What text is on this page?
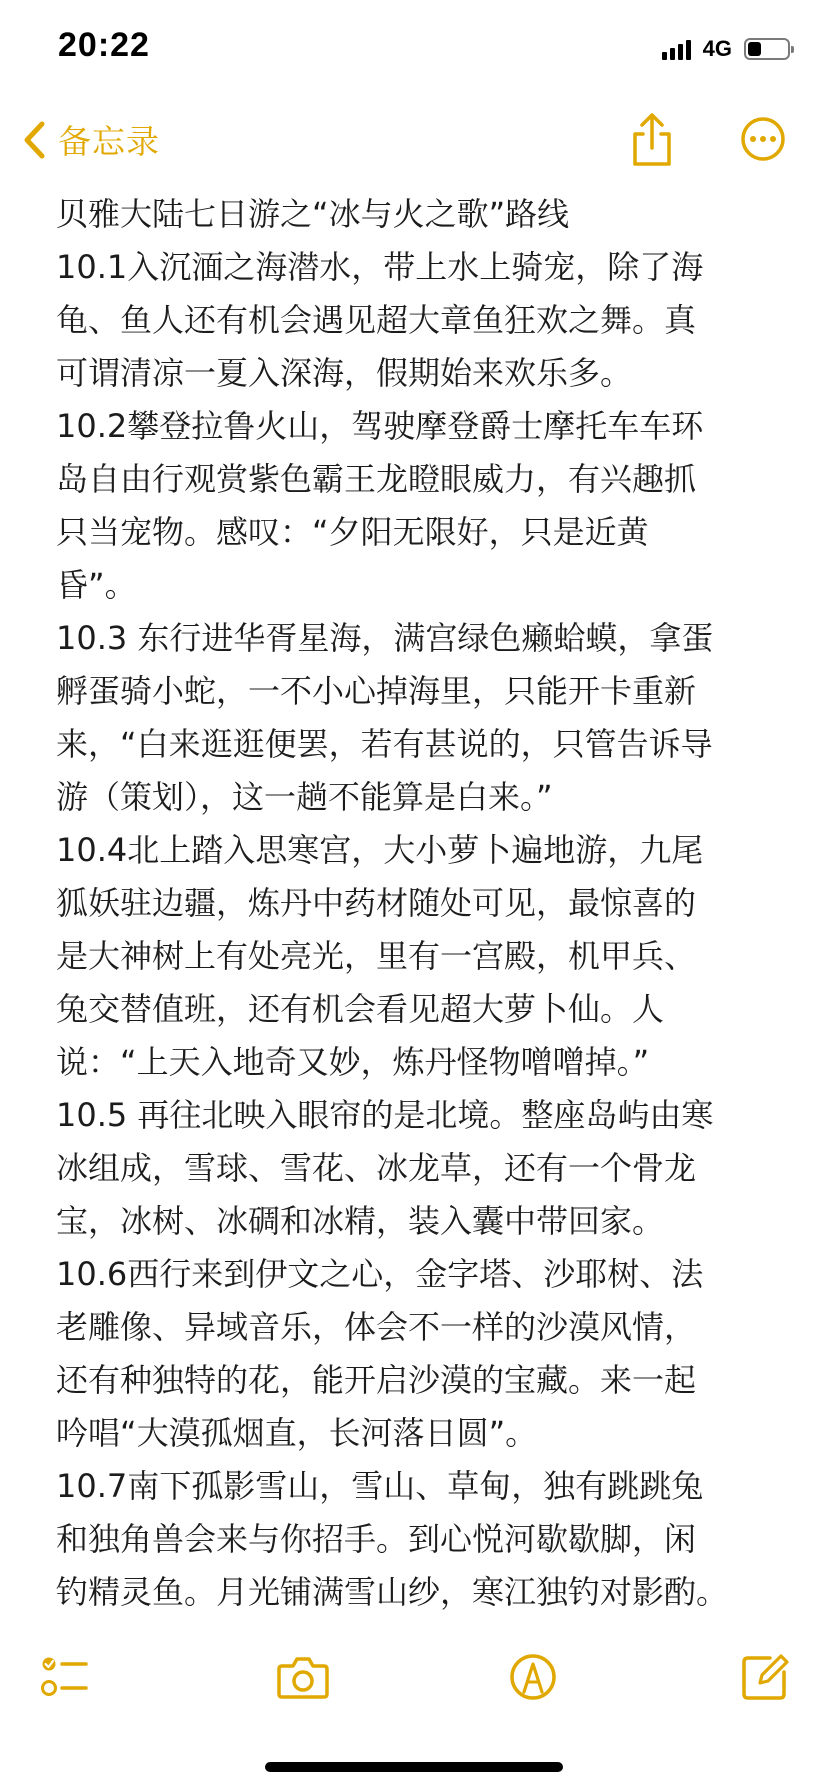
20:22	4G
备忘录
贝雅大陆七日游之“冰与火之歌”路线
10.1入沉湎之海潜水，带上水上骑宠，除了海
龟、鱼人还有机会遇见超大章鱼狂欢之舞。真
可谓清凉一夏入深海，假期始来欢乐多。
10.2攀登拉鲁火山，驾驶摩登爵士摩托车车环
岛自由行观赏紫色霸王龙瞪眼威力，有兴趣抓
只当宠物。感叹：“夕阳无限好，只是近黄
昏”。
10.3 东行进华胥星海，满宫绿色癞蛤蟆，拿蛋
孵蛋骑小蛇，一不小心掉海里，只能开卡重新
来，“白来逛逛便罢，若有甚说的，只管告诉导
游（策划），这一趟不能算是白来。”
10.4北上踏入思寒宫，大小萝卜遍地游，九尾
狐妖驻边疆，炼丹中药材随处可见，最惊喜的
是大神树上有处亮光，里有一宫殿，机甲兵、
兔交替值班，还有机会看见超大萝卜仙。人
说：“上天入地奇又妙，炼丹怪物噌噌掉。”
10.5 再往北映入眼帘的是北境。整座岛屿由寒
冰组成，雪球、雪花、冰龙草，还有一个骨龙
宝，冰树、冰碉和冰精，装入囊中带回家。
10.6西行来到伊文之心，金字塔、沙耶树、法
老雕像、异域音乐，体会不一样的沙漠风情，
还有种独特的花，能开启沙漠的宝藏。来一起
吟唱“大漠孤烟直，长河落日圆”。
10.7南下孤影雪山，雪山、草甸，独有跳跳兔
和独角兽会来与你招手。到心悦河歇歇脚，闲
钓精灵鱼。月光铺满雪山纱，寒江独钓对影酌。
